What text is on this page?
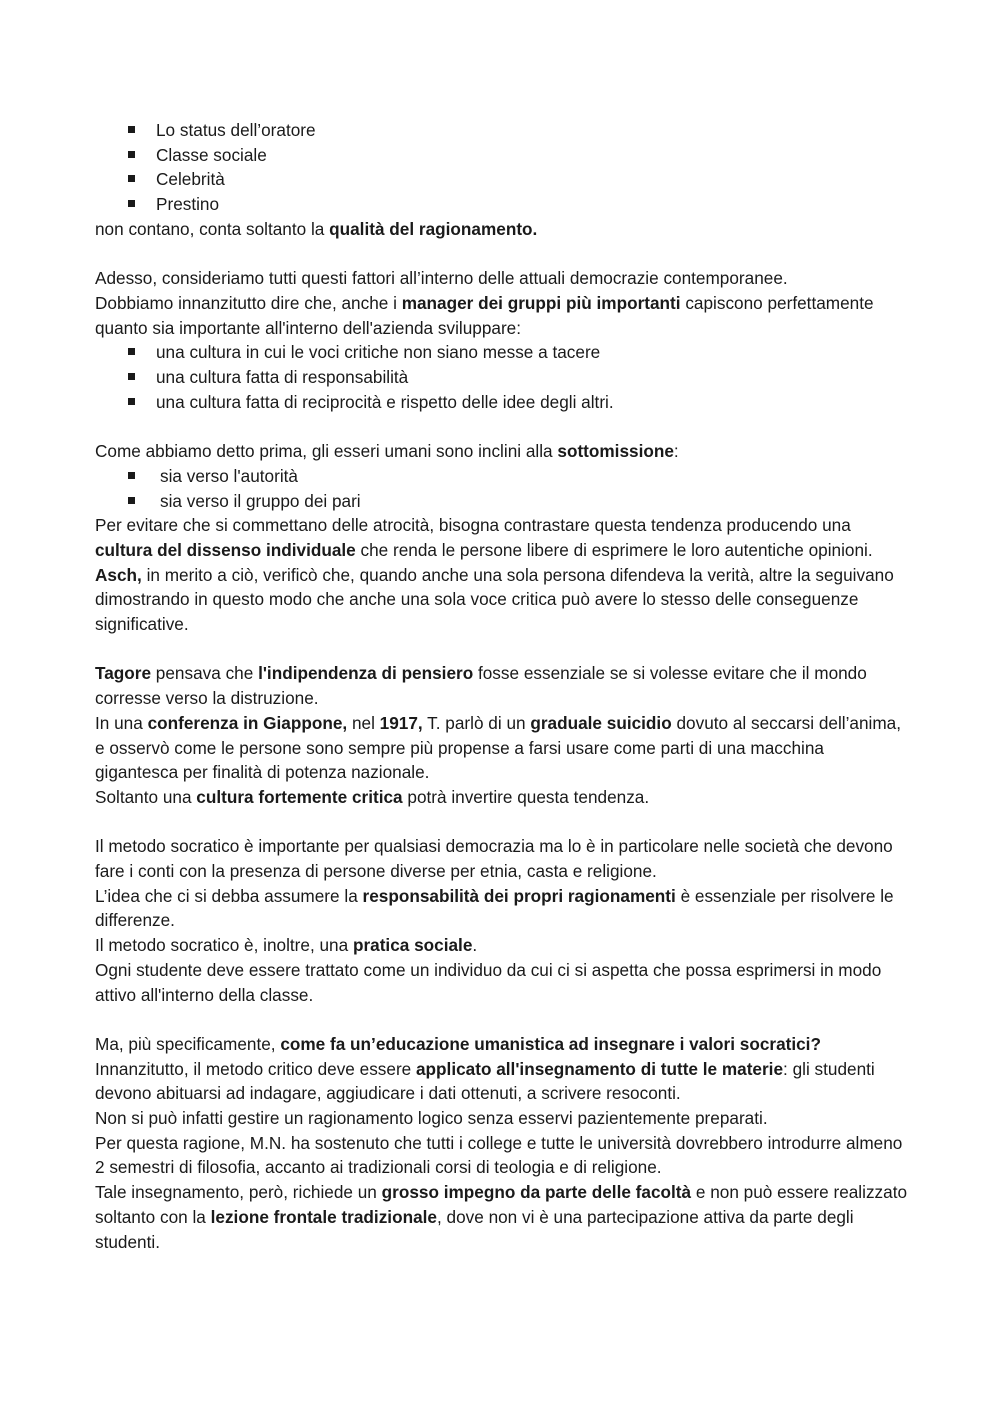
Lo status dell’oratore
Classe sociale
Celebrità
Prestino

non contano, conta soltanto la qualità del ragionamento.

Adesso, consideriamo tutti questi fattori all’interno delle attuali democrazie contemporanee.

Dobbiamo innanzitutto dire che, anche i manager dei gruppi più importanti capiscono perfettamente quanto sia importante all'interno dell'azienda sviluppare:

una cultura in cui le voci critiche non siano messe a tacere
una cultura fatta di responsabilità
una cultura fatta di reciprocità e rispetto delle idee degli altri.

Come abbiamo detto prima, gli esseri umani sono inclini alla sottomissione:

sia verso l'autorità
sia verso il gruppo dei pari

Per evitare che si commettano delle atrocità, bisogna contrastare questa tendenza producendo una cultura del dissenso individuale che renda le persone libere di esprimere le loro autentiche opinioni.

Asch, in merito a ciò, verificò che, quando anche una sola persona difendeva la verità, altre la seguivano dimostrando in questo modo che anche una sola voce critica può avere lo stesso delle conseguenze significative.

Tagore pensava che l'indipendenza di pensiero fosse essenziale se si volesse evitare che il mondo corresse verso la distruzione.

In una conferenza in Giappone, nel 1917, T. parlò di un graduale suicidio dovuto al seccarsi dell’anima, e osservò come le persone sono sempre più propense a farsi usare come parti di una macchina gigantesca per finalità di potenza nazionale.

Soltanto una cultura fortemente critica potrà invertire questa tendenza.

Il metodo socratico è importante per qualsiasi democrazia ma lo è in particolare nelle società che devono fare i conti con la presenza di persone diverse per etnia, casta e religione.

L’idea che ci si debba assumere la responsabilità dei propri ragionamenti è essenziale per risolvere le differenze.

Il metodo socratico è, inoltre, una pratica sociale.

Ogni studente deve essere trattato come un individuo da cui ci si aspetta che possa esprimersi in modo attivo all'interno della classe.

Ma, più specificamente, come fa un’educazione umanistica ad insegnare i valori socratici?

Innanzitutto, il metodo critico deve essere applicato all'insegnamento di tutte le materie: gli studenti devono abituarsi ad indagare, aggiudicare i dati ottenuti, a scrivere resoconti.

Non si può infatti gestire un ragionamento logico senza esservi pazientemente preparati.

Per questa ragione, M.N. ha sostenuto che tutti i college e tutte le università dovrebbero introdurre almeno 2 semestri di filosofia, accanto ai tradizionali corsi di teologia e di religione.

Tale insegnamento, però, richiede un grosso impegno da parte delle facoltà e non può essere realizzato soltanto con la lezione frontale tradizionale, dove non vi è una partecipazione attiva da parte degli studenti.
